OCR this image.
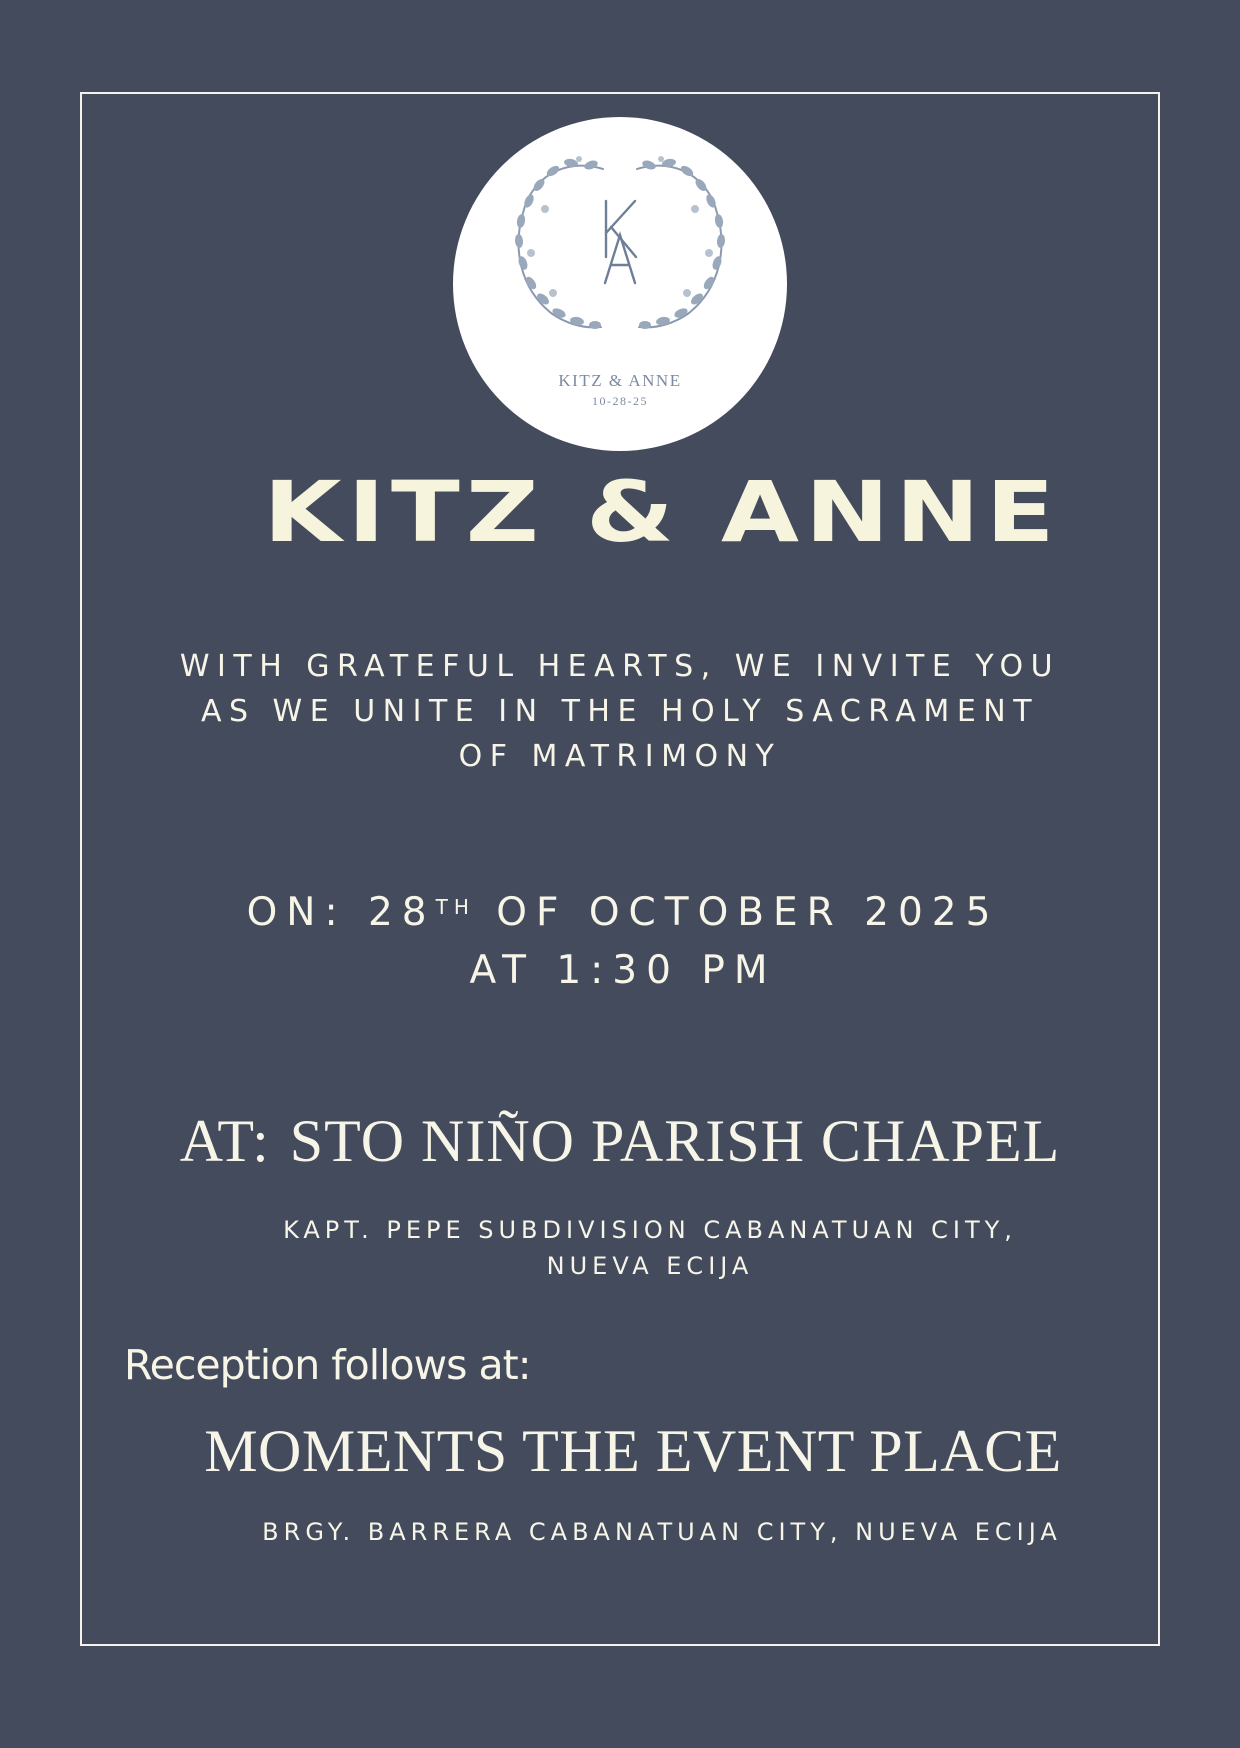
KITZ & ANNE
10-28-25
KITZ & ANNE
WITH GRATEFUL HEARTS, WE INVITE YOU
AS WE UNITE IN THE HOLY SACRAMENT
OF MATRIMONY
ON: 28TH OF OCTOBER 2025
AT 1:30 PM
AT: STO NIÑO PARISH CHAPEL
KAPT. PEPE SUBDIVISION CABANATUAN CITY,
NUEVA ECIJA
Reception follows at:
MOMENTS THE EVENT PLACE
BRGY. BARRERA CABANATUAN CITY, NUEVA ECIJA
